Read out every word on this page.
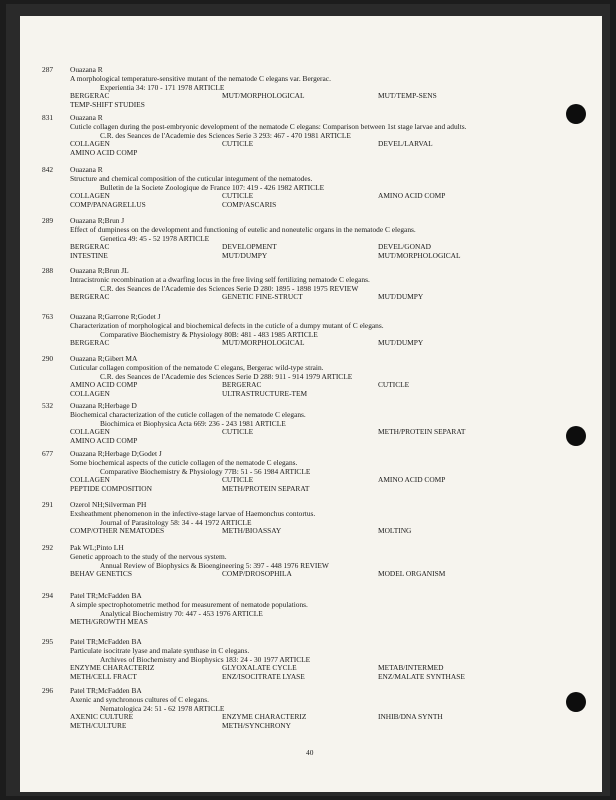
287 Ouazana R
A morphological temperature-sensitive mutant of the nematode C elegans var. Bergerac.
Experientia 34: 170 - 171 1978 ARTICLE
BERGERAC	MUT/MORPHOLOGICAL	MUT/TEMP-SENS
TEMP-SHIFT STUDIES
831 Ouazana R
Cuticle collagen during the post-embryonic development of the nematode C elegans: Comparison between 1st stage larvae and adults.
C.R. des Seances de l'Academie des Sciences Serie 3 293: 467 - 470 1981 ARTICLE
COLLAGEN	CUTICLE	DEVEL/LARVAL
AMINO ACID COMP
842 Ouazana R
Structure and chemical composition of the cuticular integument of the nematodes.
Bulletin de la Societe Zoologique de France 107: 419 - 426 1982 ARTICLE
COLLAGEN	CUTICLE	AMINO ACID COMP
COMP/PANAGRELLUS	COMP/ASCARIS
289 Ouazana R;Brun J
Effect of dumpiness on the development and functioning of eutelic and noneutelic organs in the nematode C elegans.
Genetica 49: 45 - 52 1978 ARTICLE
BERGERAC	DEVELOPMENT	DEVEL/GONAD
INTESTINE	MUT/DUMPY	MUT/MORPHOLOGICAL
288 Ouazana R;Brun JL
Intracistronic recombination at a dwarfing locus in the free living self fertilizing nematode C elegans.
C.R. des Seances de l'Academie des Sciences Serie D 280: 1895 - 1898 1975 REVIEW
BERGERAC	GENETIC FINE-STRUCT	MUT/DUMPY
763 Ouazana R;Garrone R;Godet J
Characterization of morphological and biochemical defects in the cuticle of a dumpy mutant of C elegans.
Comparative Biochemistry & Physiology 80B: 481 - 483 1985 ARTICLE
BERGERAC	MUT/MORPHOLOGICAL	MUT/DUMPY
290 Ouazana R;Gibert MA
Cuticular collagen composition of the nematode C elegans, Bergerac wild-type strain.
C.R. des Seances de l'Academie des Sciences Serie D 288: 911 - 914 1979 ARTICLE
AMINO ACID COMP	BERGERAC	CUTICLE
COLLAGEN	ULTRASTRUCTURE-TEM
532 Ouazana R;Herbage D
Biochemical characterization of the cuticle collagen of the nematode C elegans.
Biochimica et Biophysica Acta 669: 236 - 243 1981 ARTICLE
COLLAGEN	CUTICLE	METH/PROTEIN SEPARAT
AMINO ACID COMP
677 Ouazana R;Herbage D;Godet J
Some biochemical aspects of the cuticle collagen of the nematode C elegans.
Comparative Biochemistry & Physiology 77B: 51 - 56 1984 ARTICLE
COLLAGEN	CUTICLE	AMINO ACID COMP
PEPTIDE COMPOSITION	METH/PROTEIN SEPARAT
291 Ozerol NH;Silverman PH
Exsheathment phenomenon in the infective-stage larvae of Haemonchus contortus.
Journal of Parasitology 58: 34 - 44 1972 ARTICLE
COMP/OTHER NEMATODES	METH/BIOASSAY	MOLTING
292 Pak WL;Pinto LH
Genetic approach to the study of the nervous system.
Annual Review of Biophysics & Bioengineering 5: 397 - 448 1976 REVIEW
BEHAV GENETICS	COMP/DROSOPHILA	MODEL ORGANISM
294 Patel TR;McFadden BA
A simple spectrophotometric method for measurement of nematode populations.
Analytical Biochemistry 70: 447 - 453 1976 ARTICLE
METH/GROWTH MEAS
295 Patel TR;McFadden BA
Particulate isocitrate lyase and malate synthase in C elegans.
Archives of Biochemistry and Biophysics 183: 24 - 30 1977 ARTICLE
ENZYME CHARACTERIZ	GLYOXALATE CYCLE	METAB/INTERMED
METH/CELL FRACT	ENZ/ISOCITRATE LYASE	ENZ/MALATE SYNTHASE
296 Patel TR;McFadden BA
Axenic and synchronous cultures of C elegans.
Nematologica 24: 51 - 62 1978 ARTICLE
AXENIC CULTURE	ENZYME CHARACTERIZ	INHIB/DNA SYNTH
METH/CULTURE	METH/SYNCHRONY
40
